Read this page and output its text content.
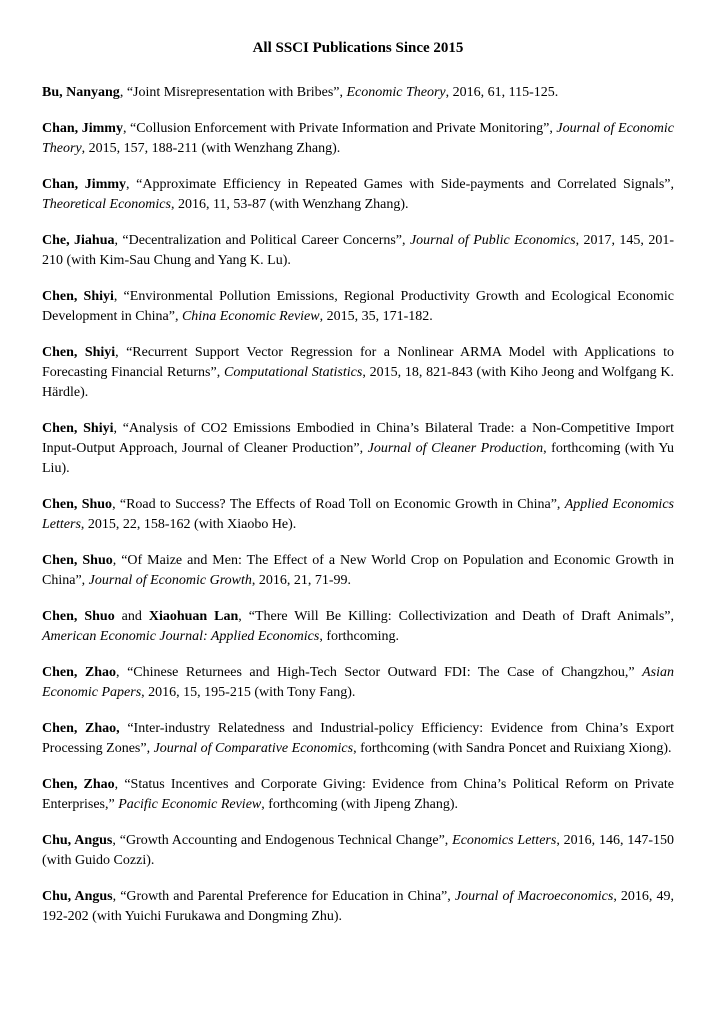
All SSCI Publications Since 2015

Bu, Nanyang, “Joint Misrepresentation with Bribes”, Economic Theory, 2016, 61, 115-125.

Chan, Jimmy, “Collusion Enforcement with Private Information and Private Monitoring”, Journal of Economic Theory, 2015, 157, 188-211 (with Wenzhang Zhang).

Chan, Jimmy, “Approximate Efficiency in Repeated Games with Side-payments and Correlated Signals”, Theoretical Economics, 2016, 11, 53-87 (with Wenzhang Zhang).

Che, Jiahua, “Decentralization and Political Career Concerns”, Journal of Public Economics, 2017, 145, 201-210 (with Kim-Sau Chung and Yang K. Lu).

Chen, Shiyi, “Environmental Pollution Emissions, Regional Productivity Growth and Ecological Economic Development in China”, China Economic Review, 2015, 35, 171-182.

Chen, Shiyi, “Recurrent Support Vector Regression for a Nonlinear ARMA Model with Applications to Forecasting Financial Returns”, Computational Statistics, 2015, 18, 821-843 (with Kiho Jeong and Wolfgang K. Härdle).

Chen, Shiyi, “Analysis of CO2 Emissions Embodied in China’s Bilateral Trade: a Non-Competitive Import Input-Output Approach, Journal of Cleaner Production”, Journal of Cleaner Production, forthcoming (with Yu Liu).

Chen, Shuo, “Road to Success? The Effects of Road Toll on Economic Growth in China”, Applied Economics Letters, 2015, 22, 158-162 (with Xiaobo He).

Chen, Shuo, “Of Maize and Men: The Effect of a New World Crop on Population and Economic Growth in China”, Journal of Economic Growth, 2016, 21, 71-99.

Chen, Shuo and Xiaohuan Lan, “There Will Be Killing: Collectivization and Death of Draft Animals”, American Economic Journal: Applied Economics, forthcoming.

Chen, Zhao, “Chinese Returnees and High-Tech Sector Outward FDI: The Case of Changzhou,” Asian Economic Papers, 2016, 15, 195-215 (with Tony Fang).

Chen, Zhao, “Inter-industry Relatedness and Industrial-policy Efficiency: Evidence from China’s Export Processing Zones”, Journal of Comparative Economics, forthcoming (with Sandra Poncet and Ruixiang Xiong).

Chen, Zhao, “Status Incentives and Corporate Giving: Evidence from China’s Political Reform on Private Enterprises,” Pacific Economic Review, forthcoming (with Jipeng Zhang).

Chu, Angus, “Growth Accounting and Endogenous Technical Change”, Economics Letters, 2016, 146, 147-150 (with Guido Cozzi).

Chu, Angus, “Growth and Parental Preference for Education in China”, Journal of Macroeconomics, 2016, 49, 192-202 (with Yuichi Furukawa and Dongming Zhu).
